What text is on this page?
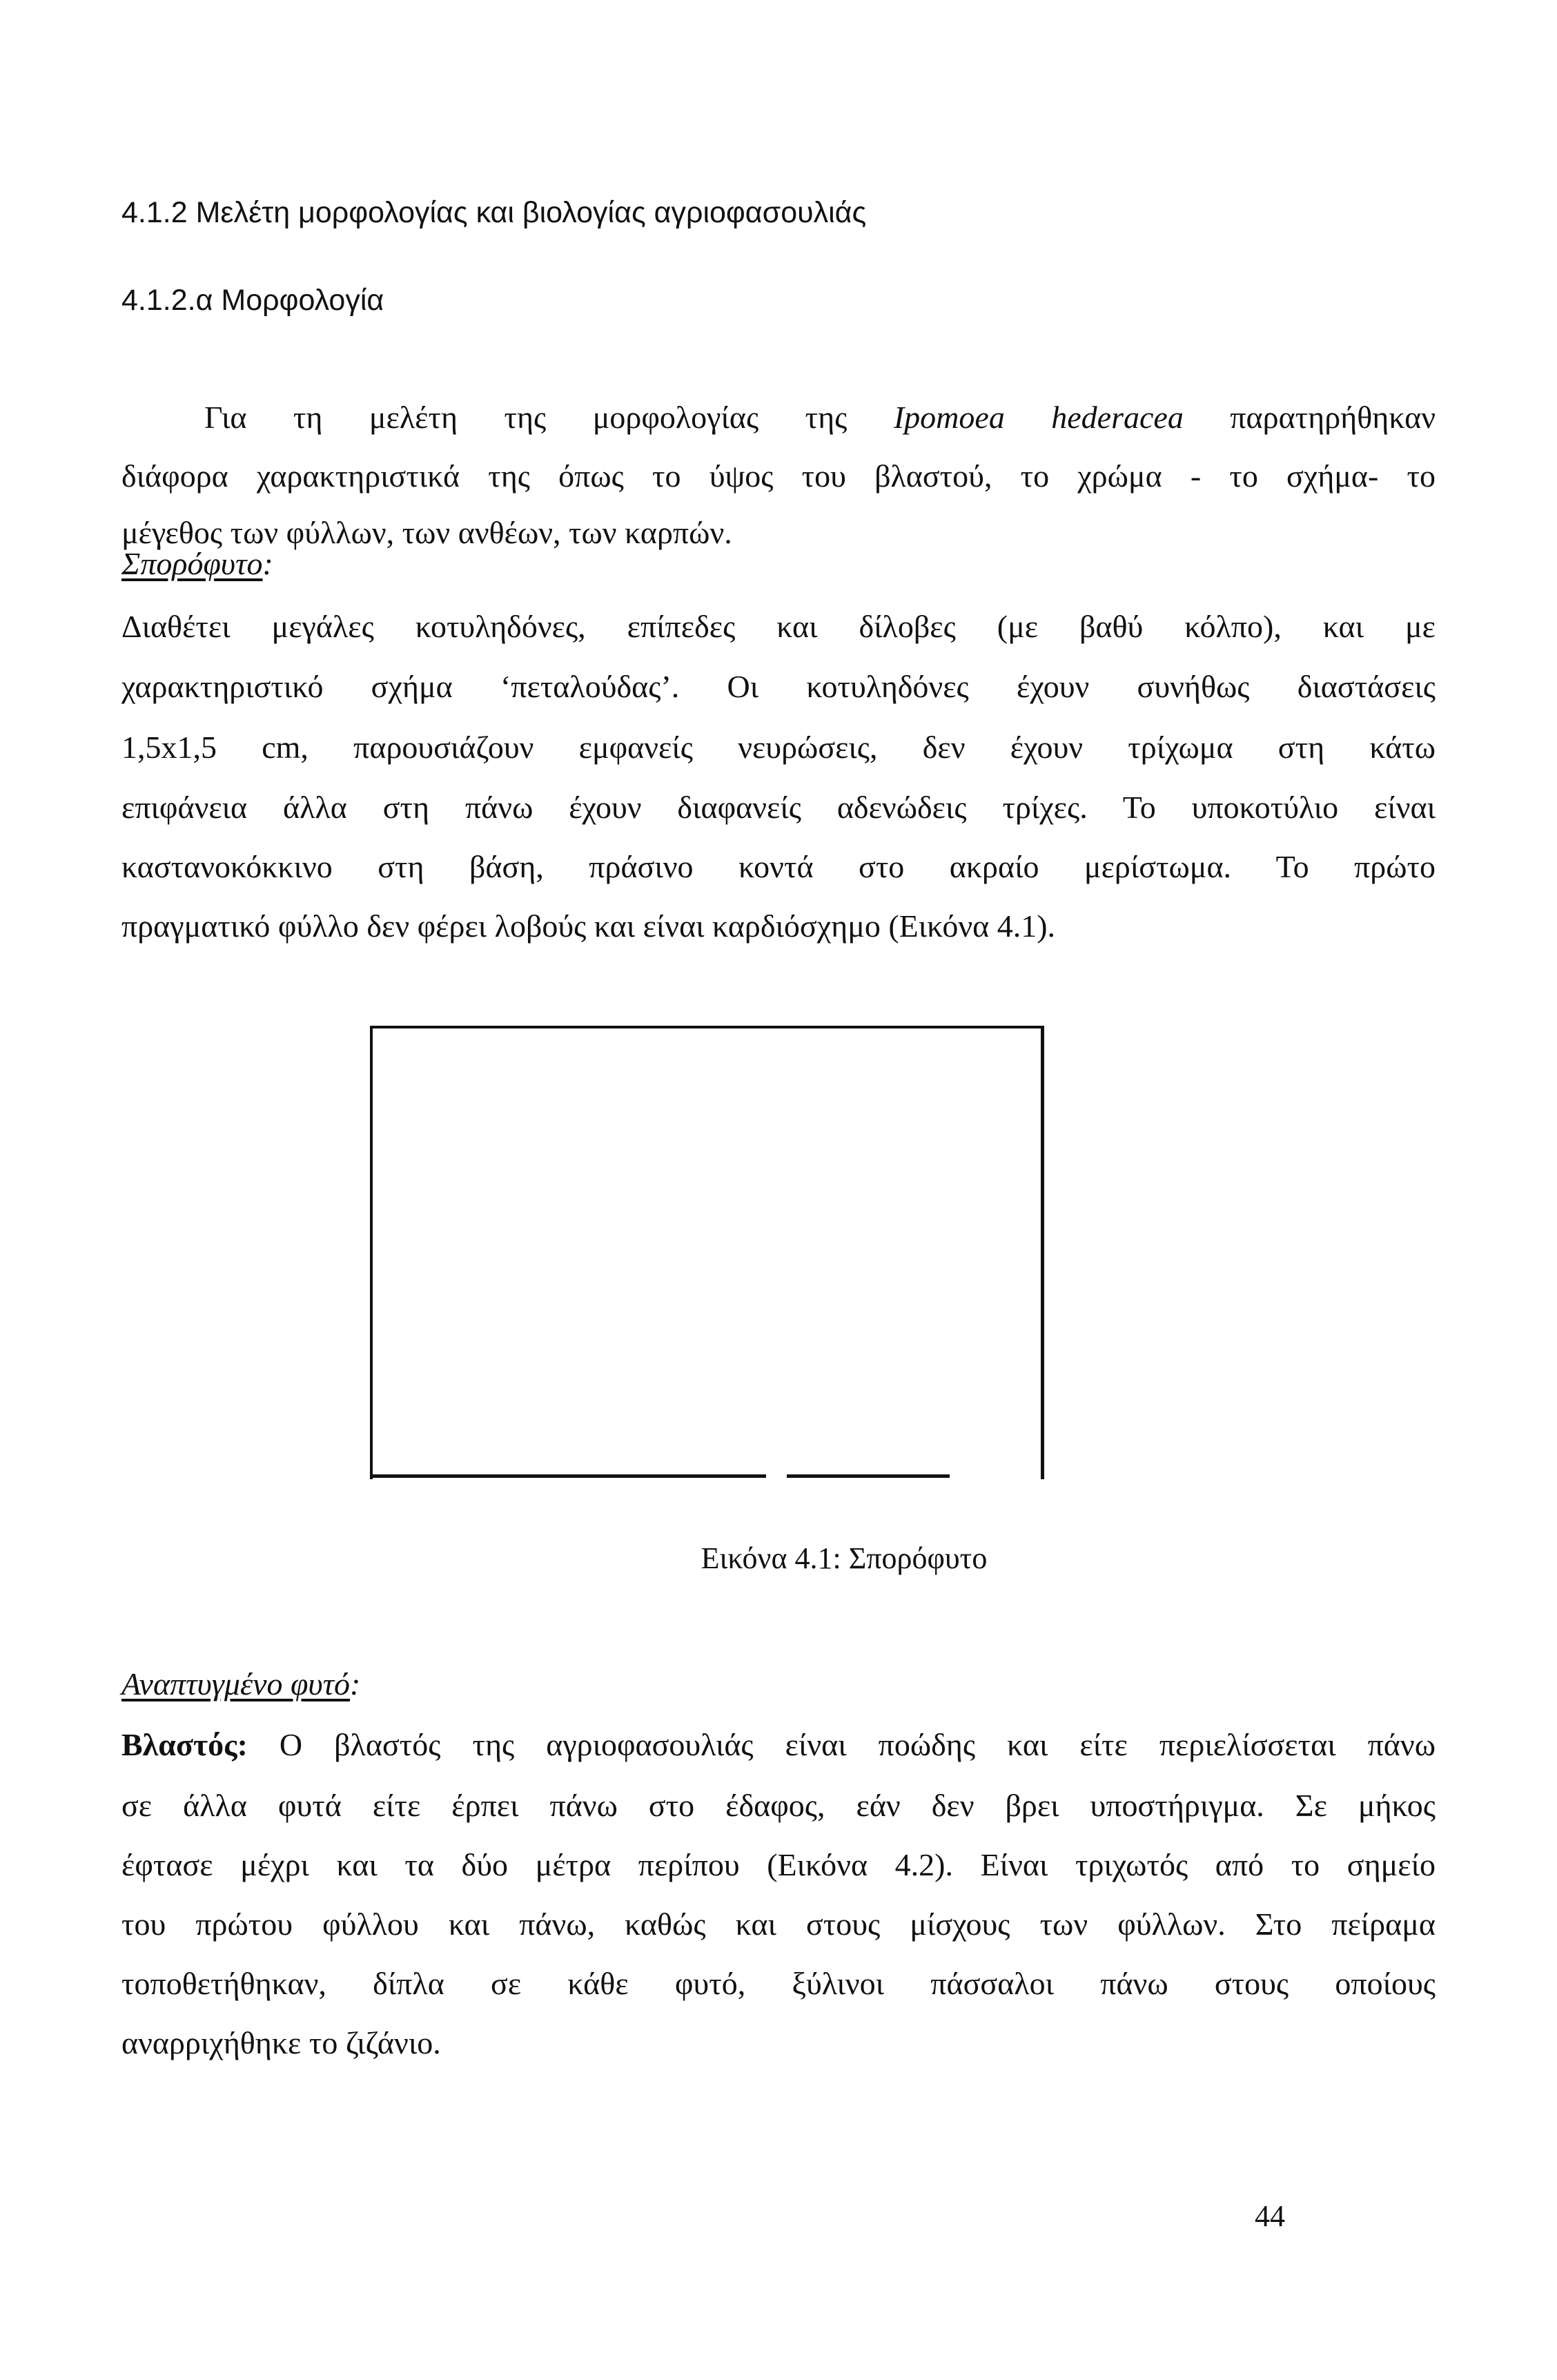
4.1.2 Μελέτη μορφολογίας και βιολογίας αγριοφασουλιάς
4.1.2.α Μορφολογία
Για τη μελέτη της μορφολογίας της Ipomoea hederacea παρατηρήθηκαν
διάφορα χαρακτηριστικά της όπως το ύψος του βλαστού, το χρώμα - το σχήμα- το
μέγεθος των φύλλων, των ανθέων, των καρπών.
Σπορόφυτο:
Διαθέτει μεγάλες κοτυληδόνες, επίπεδες και δίλοβες (με βαθύ κόλπο), και με
χαρακτηριστικό σχήμα ‘πεταλούδας’. Οι κοτυληδόνες έχουν συνήθως διαστάσεις
1,5x1,5 cm, παρουσιάζουν εμφανείς νευρώσεις, δεν έχουν τρίχωμα στη κάτω
επιφάνεια άλλα στη πάνω έχουν διαφανείς αδενώδεις τρίχες. Το υποκοτύλιο είναι
καστανοκόκκινο στη βάση, πράσινο κοντά στο ακραίο μερίστωμα. Το πρώτο
πραγματικό φύλλο δεν φέρει λοβούς και είναι καρδιόσχημο (Εικόνα 4.1).
Εικόνα 4.1: Σπορόφυτο
Αναπτυγμένο φυτό:
Βλαστός: Ο βλαστός της αγριοφασουλιάς είναι ποώδης και είτε περιελίσσεται πάνω
σε άλλα φυτά είτε έρπει πάνω στο έδαφος, εάν δεν βρει υποστήριγμα. Σε μήκος
έφτασε μέχρι και τα δύο μέτρα περίπου (Εικόνα 4.2). Είναι τριχωτός από το σημείο
του πρώτου φύλλου και πάνω, καθώς και στους μίσχους των φύλλων. Στο πείραμα
τοποθετήθηκαν, δίπλα σε κάθε φυτό, ξύλινοι πάσσαλοι πάνω στους οποίους
αναρριχήθηκε το ζιζάνιο.
44
